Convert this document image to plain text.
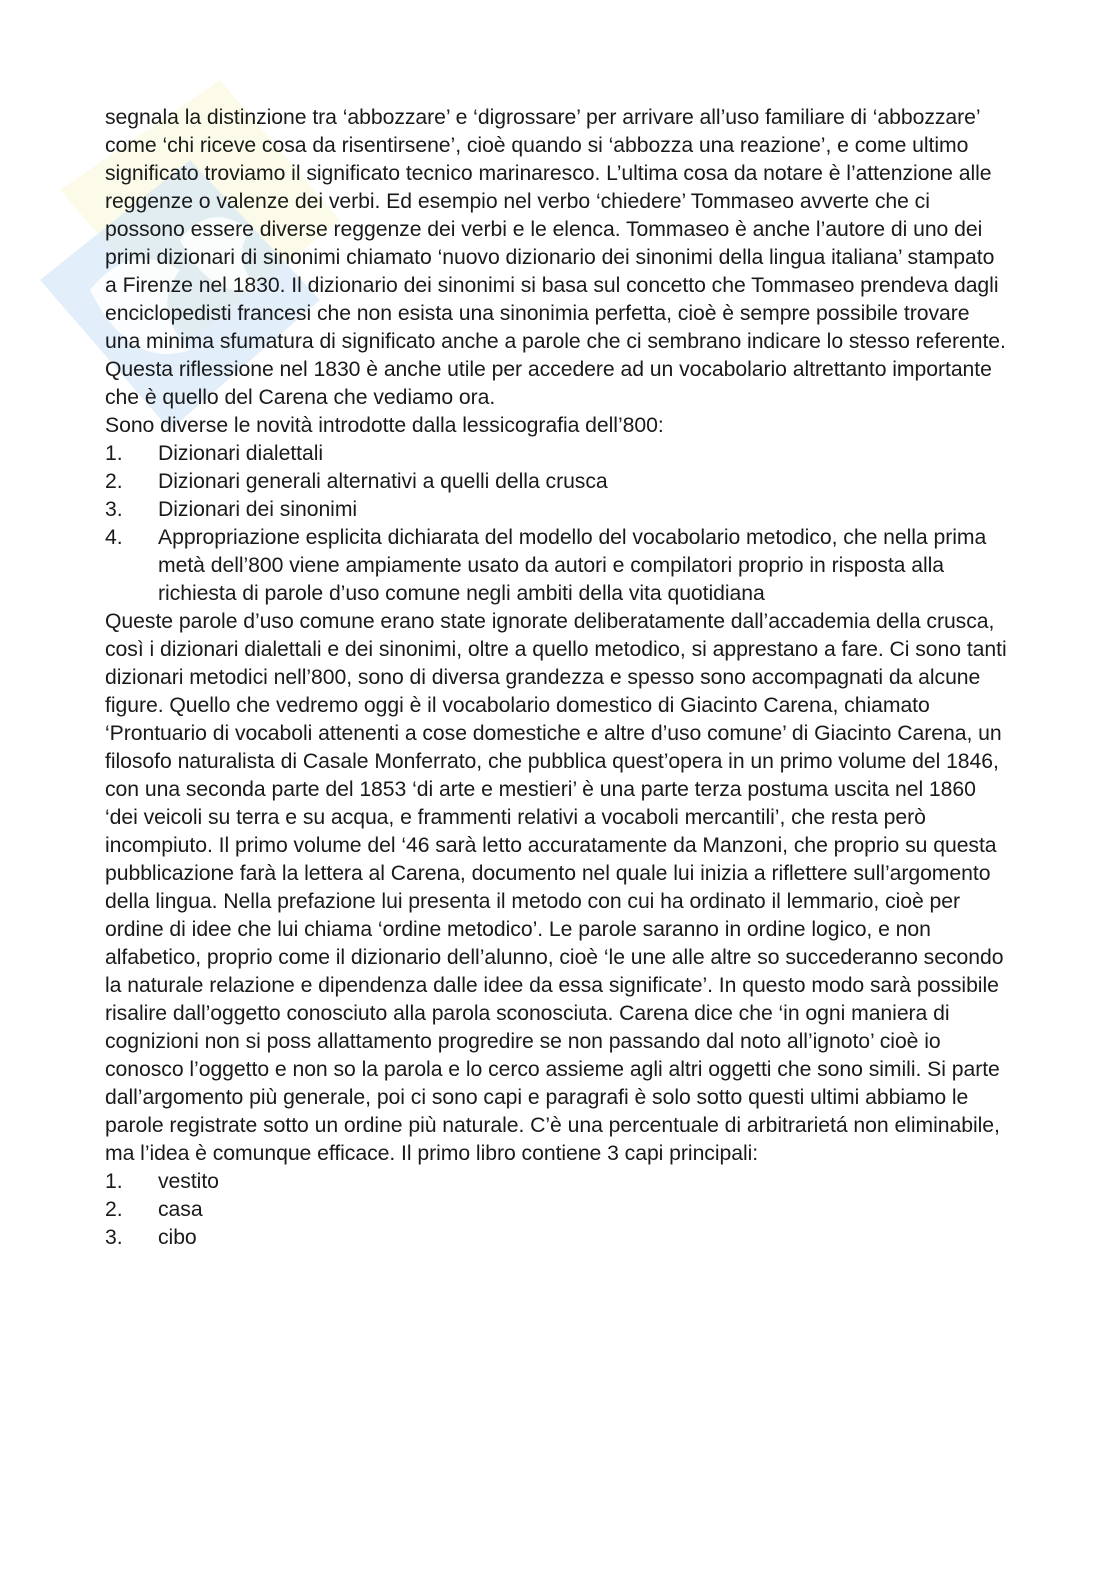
segnala la distinzione tra ‘abbozzare’ e ‘digrossare’ per arrivare all’uso familiare di ‘abbozzare’ come ‘chi riceve cosa da risentirsene’, cioè quando si ‘abbozza una reazione’, e come ultimo significato troviamo il significato tecnico marinaresco. L’ultima cosa da notare è l’attenzione alle reggenze o valenze dei verbi. Ed esempio nel verbo ‘chiedere’ Tommaseo avverte che ci possono essere diverse reggenze dei verbi e le elenca. Tommaseo è anche l’autore di uno dei primi dizionari di sinonimi chiamato ‘nuovo dizionario dei sinonimi della lingua italiana’ stampato a Firenze nel 1830. Il dizionario dei sinonimi si basa sul concetto che Tommaseo prendeva dagli enciclopedisti francesi che non esista una sinonimia perfetta, cioè è sempre possibile trovare una minima sfumatura di significato anche a parole che ci sembrano indicare lo stesso referente. Questa riflessione nel 1830 è anche utile per accedere ad un vocabolario altrettanto importante che è quello del Carena che vediamo ora.

Sono diverse le novità introdotte dalla lessicografia dell’800:

1.	Dizionari dialettali
2.	Dizionari generali alternativi a quelli della crusca
3.	Dizionari dei sinonimi
4.	Appropriazione esplicita dichiarata del modello del vocabolario metodico, che nella prima metà dell’800 viene ampiamente usato da autori e compilatori proprio in risposta alla richiesta di parole d’uso comune negli ambiti della vita quotidiana

Queste parole d’uso comune erano state ignorate deliberatamente dall’accademia della crusca, così i dizionari dialettali e dei sinonimi, oltre a quello metodico, si apprestano a fare. Ci sono tanti dizionari metodici nell’800, sono di diversa grandezza e spesso sono accompagnati da alcune figure. Quello che vedremo oggi è il vocabolario domestico di Giacinto Carena, chiamato ‘Prontuario di vocaboli attenenti a cose domestiche e altre d’uso comune’ di Giacinto Carena, un filosofo naturalista di Casale Monferrato, che pubblica quest’opera in un primo volume del 1846, con una seconda parte del 1853 ‘di arte e mestieri’ è una parte terza postuma uscita nel 1860 ‘dei veicoli su terra e su acqua, e frammenti relativi a vocaboli mercantili’, che resta però incompiuto. Il primo volume del ‘46 sarà letto accuratamente da Manzoni, che proprio su questa pubblicazione farà la lettera al Carena, documento nel quale lui inizia a riflettere sull’argomento della lingua. Nella prefazione lui presenta il metodo con cui ha ordinato il lemmario, cioè per ordine di idee che lui chiama ‘ordine metodico’. Le parole saranno in ordine logico, e non alfabetico, proprio come il dizionario dell’alunno, cioè ‘le une alle altre so succederanno secondo la naturale relazione e dipendenza dalle idee da essa significate’. In questo modo sarà possibile risalire dall’oggetto conosciuto alla parola sconosciuta. Carena dice che ‘in ogni maniera di cognizioni non si poss allattamento progredire se non passando dal noto all’ignoto’ cioè io conosco l’oggetto e non so la parola e lo cerco assieme agli altri oggetti che sono simili. Si parte dall’argomento più generale, poi ci sono capi e paragrafi è solo sotto questi ultimi abbiamo le parole registrate sotto un ordine più naturale. C’è una percentuale di arbitrarietá non eliminabile, ma l’idea è comunque efficace. Il primo libro contiene 3 capi principali:

1.	vestito
2.	casa
3.	cibo
